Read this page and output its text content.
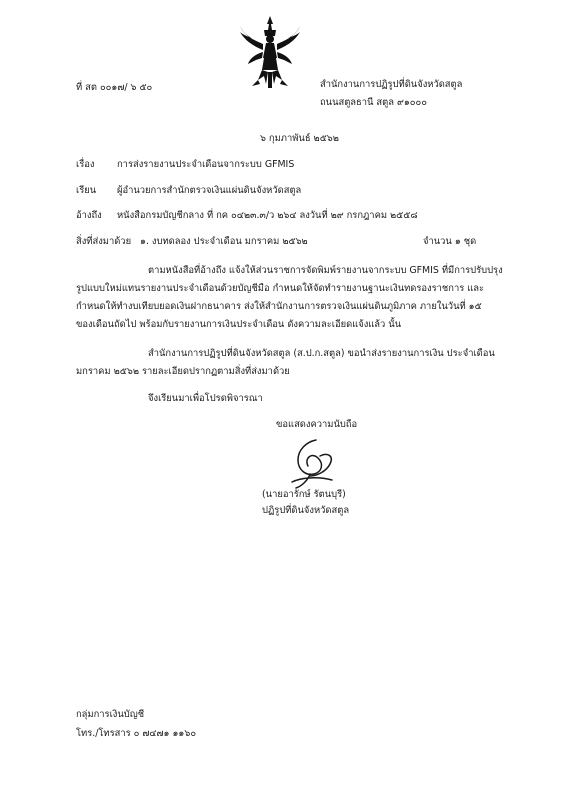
ที่ สต ๐๐๑๗/ ๖ ๕๐	สำนักงานการปฏิรูปที่ดินจังหวัดสตูล
ถนนสตูลธานี สตูล ๙๑๐๐๐
๖ กุมภาพันธ์ ๒๕๖๒
เรื่อง การส่งรายงานประจำเดือนจากระบบ GFMIS
เรียน ผู้อำนวยการสำนักตรวจเงินแผ่นดินจังหวัดสตูล
อ้างถึง หนังสือกรมบัญชีกลาง ที่ กค ๐๔๒๓.๓/ว ๒๖๔ ลงวันที่ ๒๙ กรกฎาคม ๒๕๕๘
สิ่งที่ส่งมาด้วย ๑. งบทดลอง ประจำเดือน มกราคม ๒๕๖๒	จำนวน ๑ ชุด
ตามหนังสือที่อ้างถึง แจ้งให้ส่วนราชการจัดพิมพ์รายงานจากระบบ GFMIS ที่มีการปรับปรุง
รูปแบบใหม่แทนรายงานประจำเดือนด้วยบัญชีมือ กำหนดให้จัดทำรายงานฐานะเงินทดรองราชการ และ
กำหนดให้ทำงบเทียบยอดเงินฝากธนาคาร ส่งให้สำนักงานการตรวจเงินแผ่นดินภูมิภาค ภายในวันที่ ๑๕
ของเดือนถัดไป พร้อมกับรายงานการเงินประจำเดือน ดังความละเอียดแจ้งแล้ว นั้น
สำนักงานการปฏิรูปที่ดินจังหวัดสตูล (ส.ป.ก.สตูล) ขอนำส่งรายงานการเงิน ประจำเดือน
มกราคม ๒๕๖๒ รายละเอียดปรากฏตามสิ่งที่ส่งมาด้วย
จึงเรียนมาเพื่อโปรดพิจารณา
ขอแสดงความนับถือ
(นายอารักษ์ รัตนบุรี)
ปฏิรูปที่ดินจังหวัดสตูล
กลุ่มการเงินบัญชี
โทร./โทรสาร ๐ ๗๔๗๑ ๑๑๖๐
